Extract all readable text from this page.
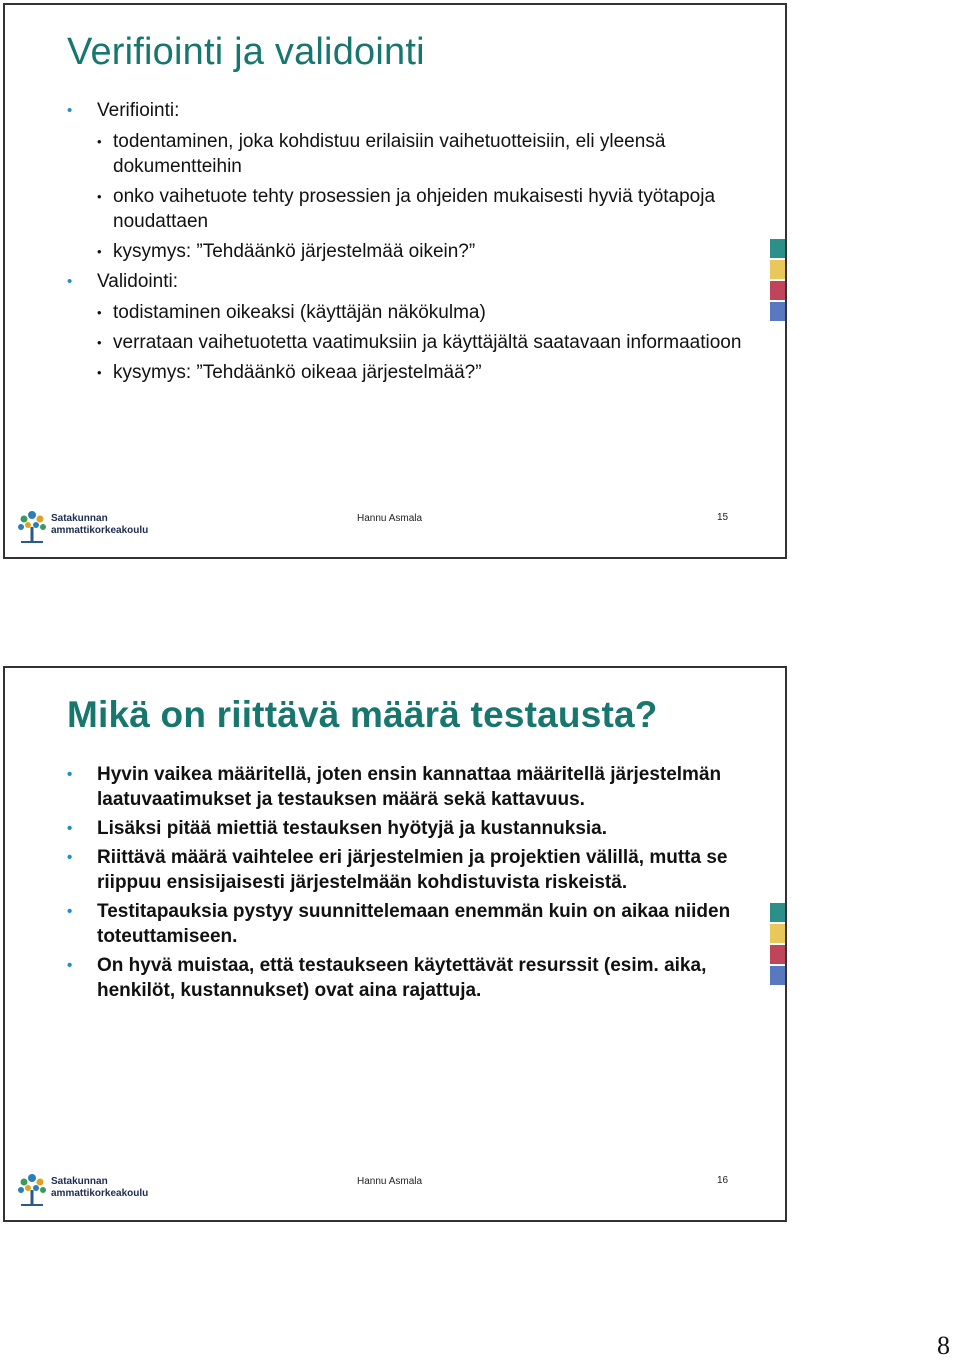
Verifiointi ja validointi
• Verifiointi:
• todentaminen, joka kohdistuu erilaisiin vaihetuotteisiin, eli yleensä dokumentteihin
• onko vaihetuote tehty prosessien ja ohjeiden mukaisesti hyviä työtapoja noudattaen
• kysymys: ”Tehdäänkö järjestelmää oikein?”
• Validointi:
• todistaminen oikeaksi (käyttäjän näkökulma)
• verrataan vaihetuotetta vaatimuksiin ja käyttäjältä saatavaan informaatioon
• kysymys: ”Tehdäänkö oikeaa järjestelmää?”
Satakunnan
ammattikorkeakoulu
Hannu Asmala	15
Mikä on riittävä määrä testausta?
• Hyvin vaikea määritellä, joten ensin kannattaa määritellä järjestelmän laatuvaatimukset ja testauksen määrä sekä kattavuus.
• Lisäksi pitää miettiä testauksen hyötyjä ja kustannuksia.
• Riittävä määrä vaihtelee eri järjestelmien ja projektien välillä, mutta se riippuu ensisijaisesti järjestelmään kohdistuvista riskeistä.
• Testitapauksia pystyy suunnittelemaan enemmän kuin on aikaa niiden toteuttamiseen.
• On hyvä muistaa, että testaukseen käytettävät resurssit (esim. aika, henkilöt, kustannukset) ovat aina rajattuja.
Satakunnan
ammattikorkeakoulu
Hannu Asmala	16
8
